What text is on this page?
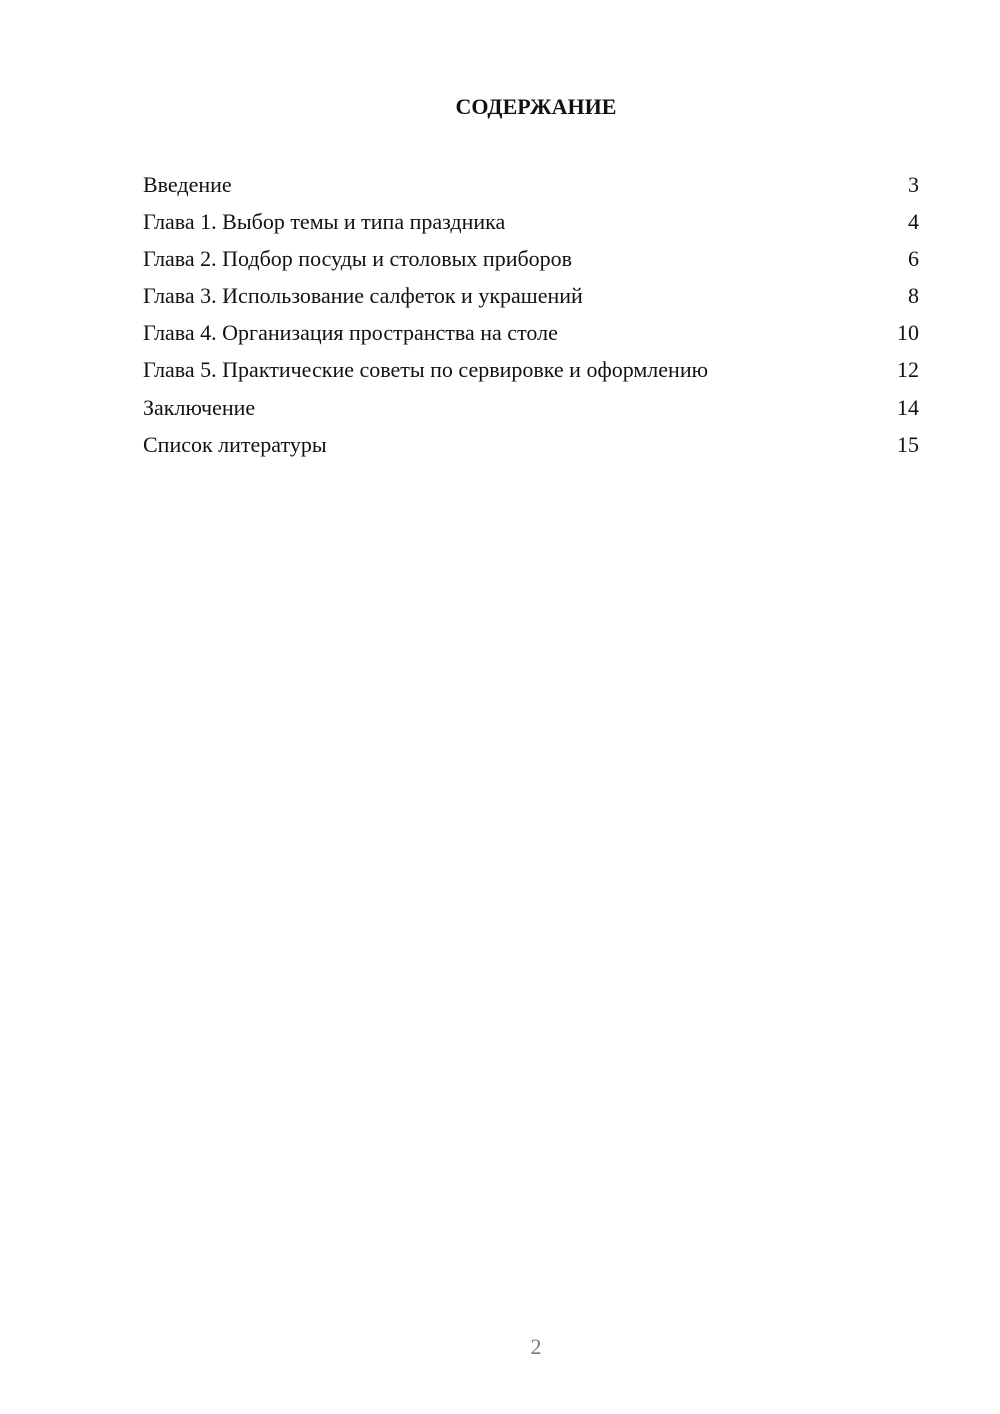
СОДЕРЖАНИЕ
Введение	3
Глава 1. Выбор темы и типа праздника	4
Глава 2. Подбор посуды и столовых приборов	6
Глава 3. Использование салфеток и украшений	8
Глава 4. Организация пространства на столе	10
Глава 5. Практические советы по сервировке и оформлению	12
Заключение	14
Список литературы	15
2
